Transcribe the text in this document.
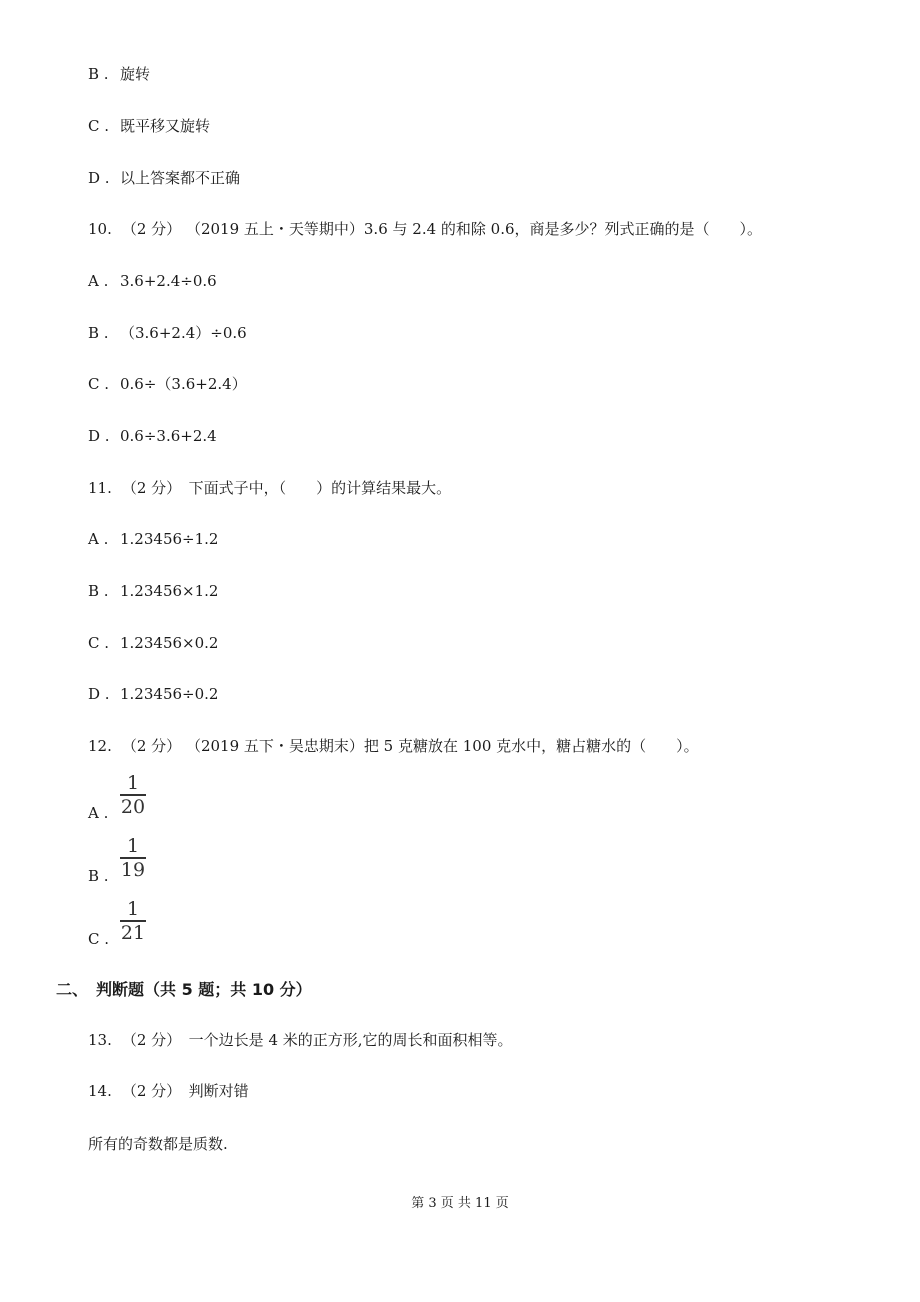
B . 旋转
C . 既平移又旋转
D . 以上答案都不正确
10. （2 分） （2019 五上・天等期中）3.6 与 2.4 的和除 0.6，商是多少？列式正确的是（　　）。
A . 3.6+2.4÷0.6
B . （3.6+2.4）÷0.6
C . 0.6÷（3.6+2.4）
D . 0.6÷3.6+2.4
11. （2 分）　下面式子中，（　　）的计算结果最大。
A . 1.23456÷1.2
B . 1.23456×1.2
C . 1.23456×0.2
D . 1.23456÷0.2
12. （2 分） （2019 五下・吴忠期末）把 5 克糖放在 100 克水中，糖占糖水的（　　）。
A .
1
20
B .
1
19
C .
1
21
二、　判断题（共 5 题；共 10 分）
13. （2 分）　一个边长是 4 米的正方形,它的周长和面积相等。
14. （2 分）　判断对错
所有的奇数都是质数.
第 3 页 共 11 页
